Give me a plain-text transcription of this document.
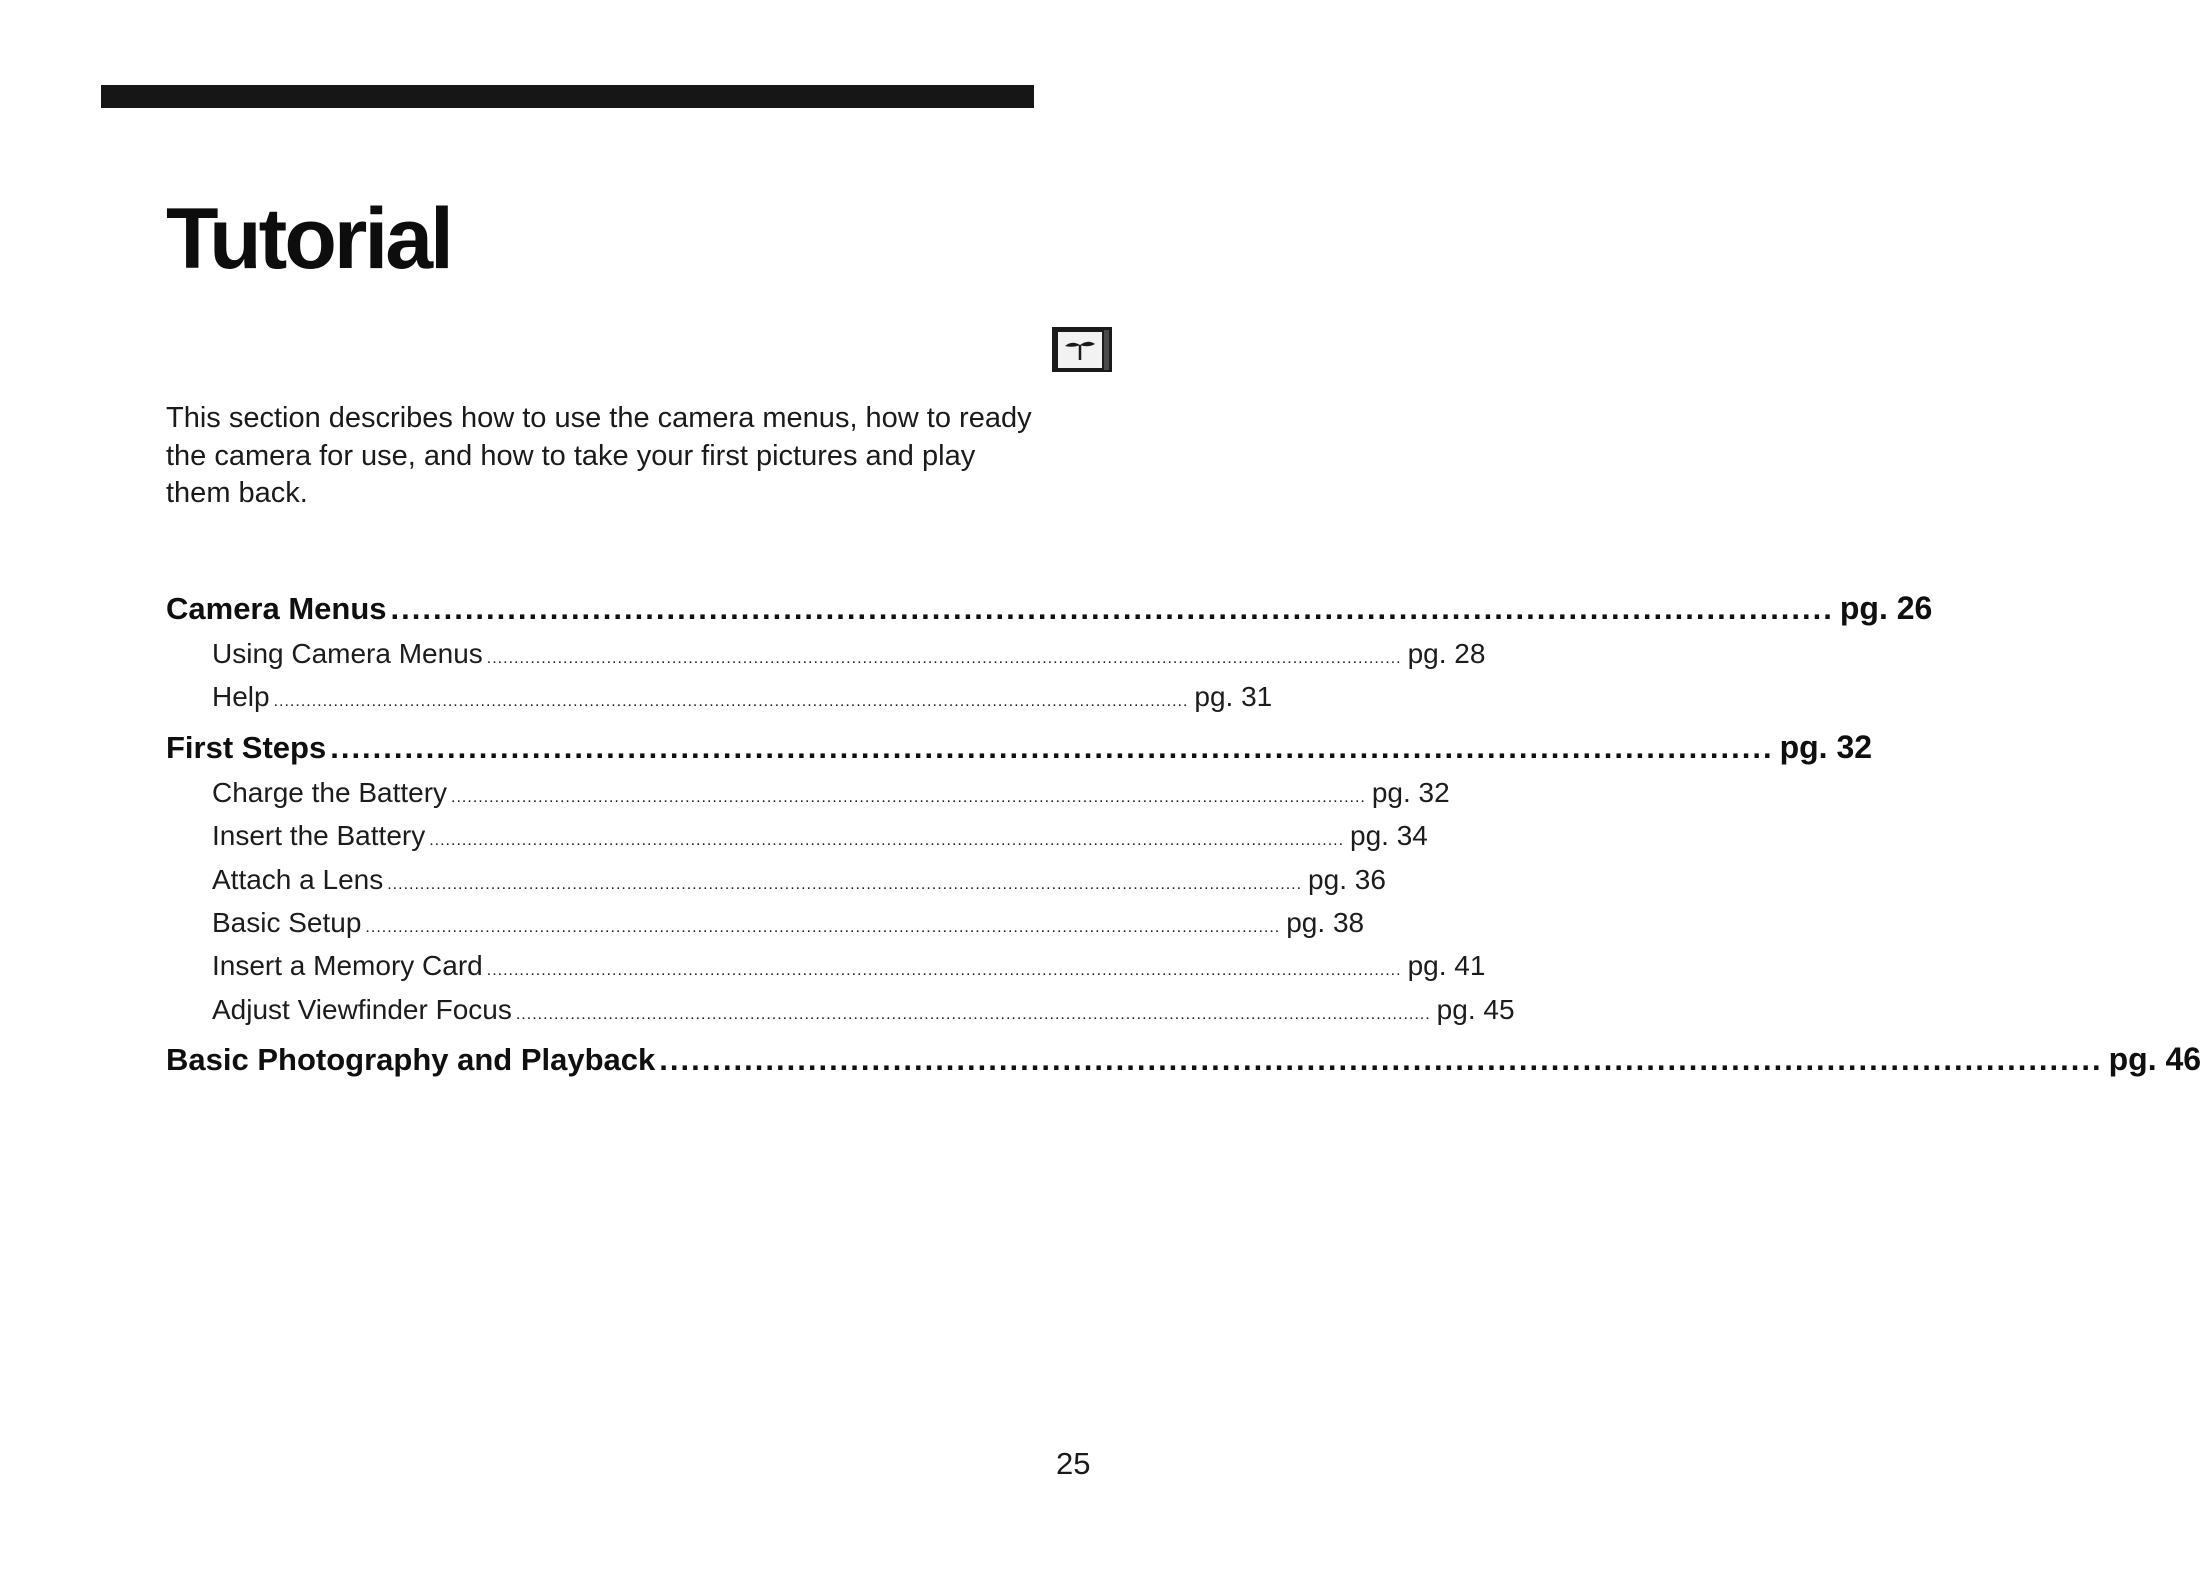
Tutorial

This section describes how to use the camera menus, how to ready the camera for use, and how to take your first pictures and play them back.

Camera Menus ........................................................................................................................................ pg. 26
Using Camera Menus ........................................................................................................................................................................ pg. 28
Help ........................................................................................................................................................................ pg. 31
First Steps ........................................................................................................................................ pg. 32
Charge the Battery ........................................................................................................................................................................ pg. 32
Insert the Battery ........................................................................................................................................................................ pg. 34
Attach a Lens ........................................................................................................................................................................ pg. 36
Basic Setup ........................................................................................................................................................................ pg. 38
Insert a Memory Card ........................................................................................................................................................................ pg. 41
Adjust Viewfinder Focus ........................................................................................................................................................................ pg. 45
Basic Photography and Playback ........................................................................................................................................ pg. 46
25
